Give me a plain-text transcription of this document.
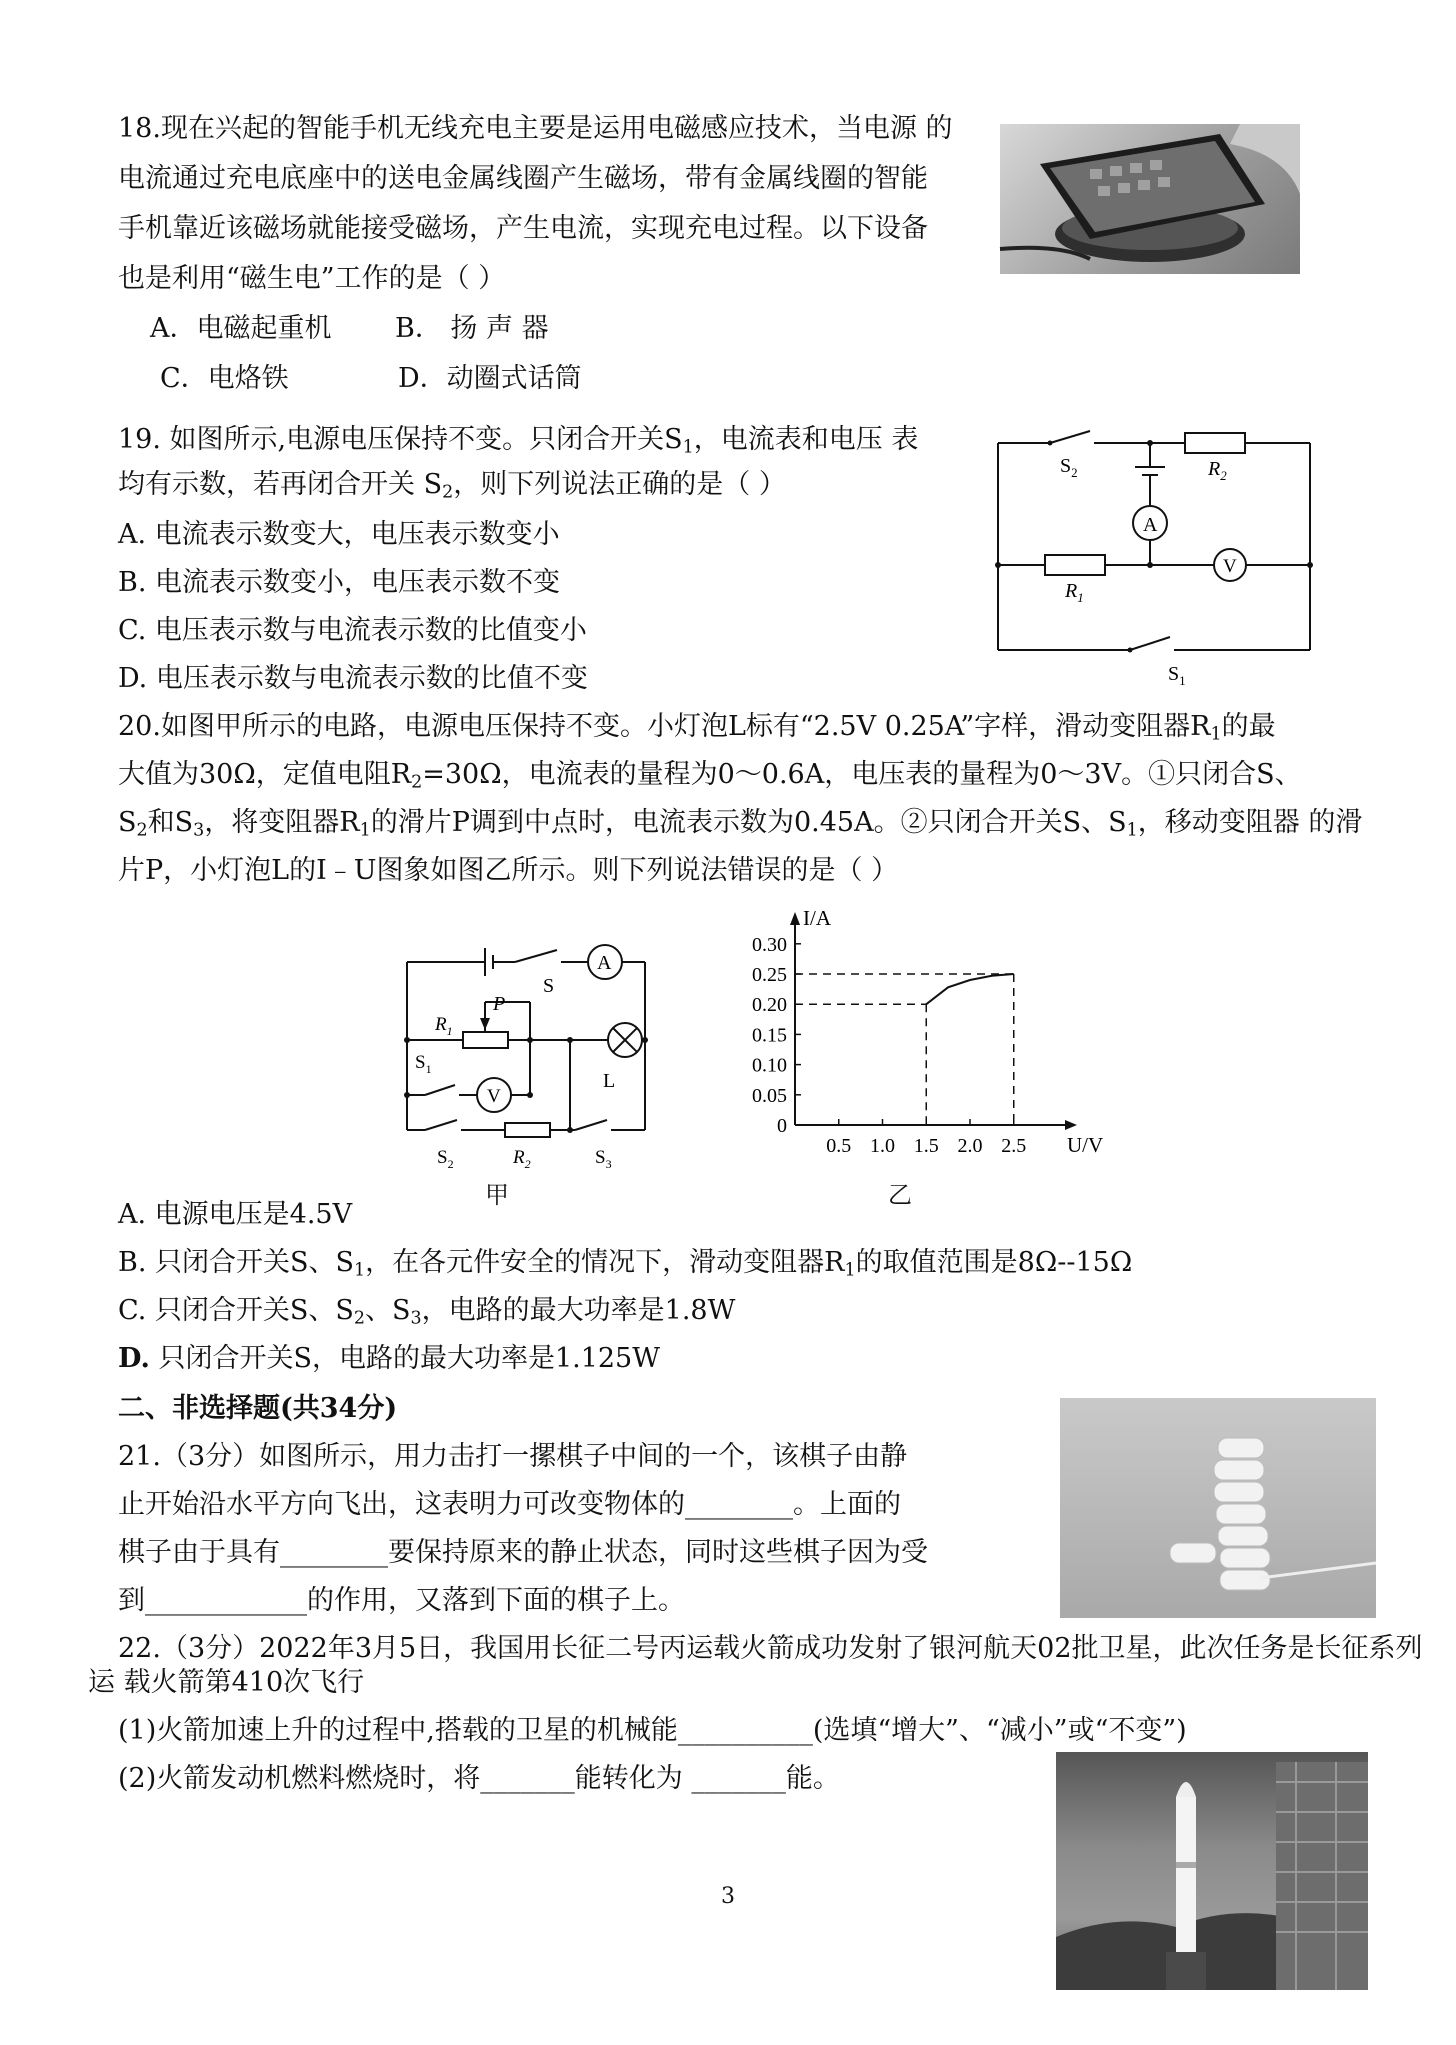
18.现在兴起的智能手机无线充电主要是运用电磁感应技术，当电源 的
电流通过充电底座中的送电金属线圈产生磁场，带有金属线圈的智能
手机靠近该磁场就能接受磁场，产生电流，实现充电过程。以下设备
也是利用“磁生电”工作的是（ ）
A．电磁起重机 B． 扬 声 器
C．电烙铁	D．动圈式话筒
19. 如图所示,电源电压保持不变。只闭合开关$S_1$，电流表和电压 表
均有示数，若再闭合开关 $S_2$，则下列说法正确的是（ ）
A. 电流表示数变大，电压表示数变小
B. 电流表示数变小，电压表示数不变
C. 电压表示数与电流表示数的比值变小
D. 电压表示数与电流表示数的比值不变
$S_2$	$R_2$
A
V
$R_1$
$S_1$
20.如图甲所示的电路，电源电压保持不变。小灯泡L标有“2.5V 0.25A”字样，滑动变阻器$R_1$的最
大值为30Ω，定值电阻$R_2=30\Omega$，电流表的量程为0～0.6A，电压表的量程为0～3V。①只闭合S、
$S_2$和$S_3$，将变阻器$R_1$的滑片P调到中点时，电流表示数为0.45A。②只闭合开关S、$S_1$，移动变阻器 的滑
片P，小灯泡L的I﹣U图象如图乙所示。则下列说法错误的是（ ）
S
A
P
$R_1$
$S_1$
V
L
$S_2$	$R_2$	$S_3$
甲
0
0.05
0.10
0.15
0.20
0.25
0.30
0.5 1.0 1.5 2.0 2.5
I/A
U/V
乙
A. 电源电压是4.5V
B. 只闭合开关S、$S_1$，在各元件安全的情况下，滑动变阻器$R_1$的取值范围是8Ω--15Ω
C. 只闭合开关S、$S_2$、$S_3$，电路的最大功率是1.8W
D. 只闭合开关S，电路的最大功率是1.125W
二、非选择题(共34分)
21.（3分）如图所示，用力击打一摞棋子中间的一个，该棋子由静
止开始沿水平方向飞出，这表明力可改变物体的________。上面的
棋子由于具有________要保持原来的静止状态，同时这些棋子因为受
到____________的作用，又落到下面的棋子上。
22.（3分）2022年3月5日，我国用长征二号丙运载火箭成功发射了银河航天02批卫星，此次任务是长征系列
运 载火箭第410次飞行
(1)火箭加速上升的过程中,搭载的卫星的机械能__________(选填“增大”、“减小”或“不变”)
(2)火箭发动机燃料燃烧时，将_______能转化为 _______能。
3
